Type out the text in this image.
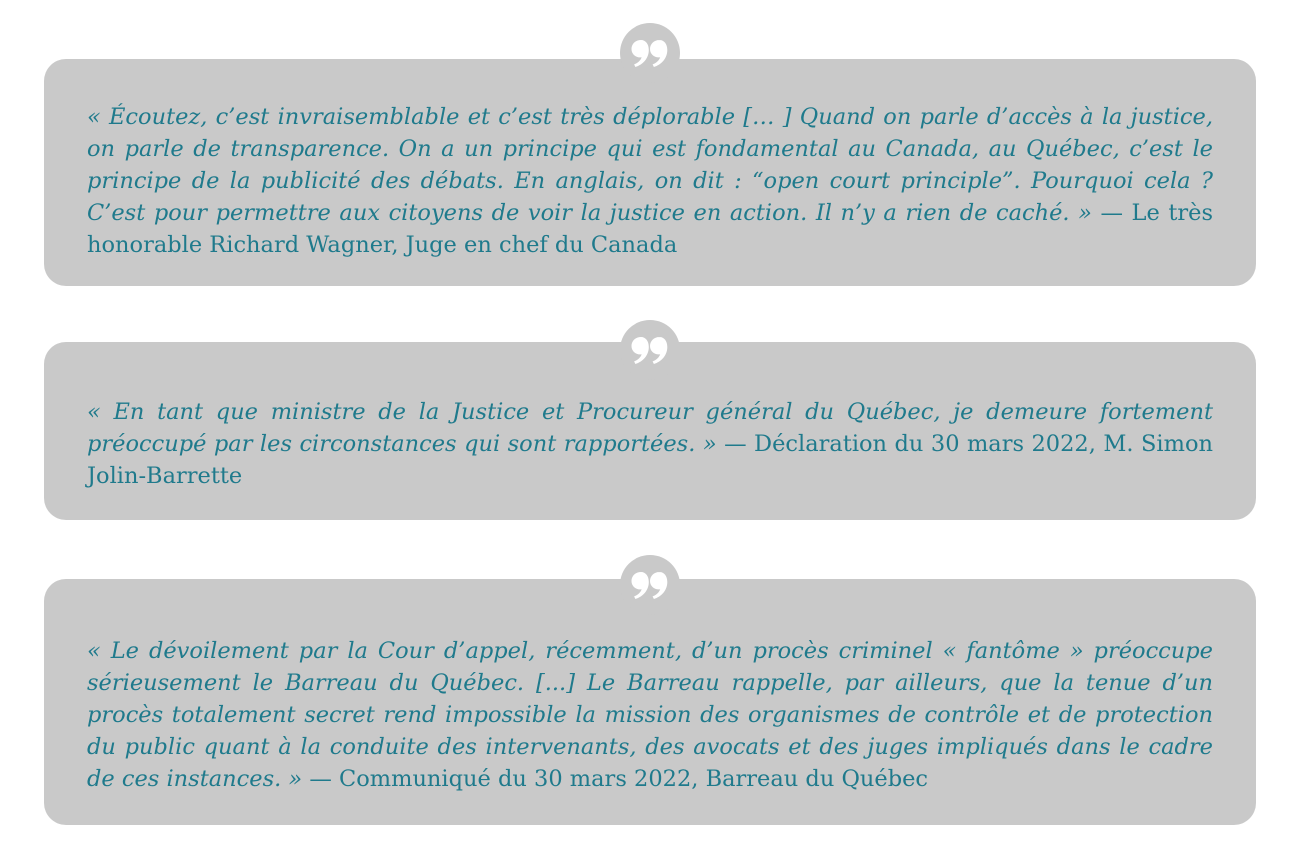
« Écoutez, c’est invraisemblable et c’est très déplorable [… ] Quand on parle d’accès à la justice, on parle de transparence. On a un principe qui est fondamental au Canada, au Québec, c’est le principe de la publicité des débats. En anglais, on dit : “open court principle”. Pourquoi cela ? C’est pour permettre aux citoyens de voir la justice en action. Il n’y a rien de caché. » — Le très honorable Richard Wagner, Juge en chef du Canada

« En tant que ministre de la Justice et Procureur général du Québec, je demeure fortement préoccupé par les circonstances qui sont rapportées. » — Déclaration du 30 mars 2022, M. Simon Jolin-Barrette

« Le dévoilement par la Cour d’appel, récemment, d’un procès criminel « fantôme » préoccupe sérieusement le Barreau du Québec. [...] Le Barreau rappelle, par ailleurs, que la tenue d’un procès totalement secret rend impossible la mission des organismes de contrôle et de protection du public quant à la conduite des intervenants, des avocats et des juges impliqués dans le cadre de ces instances. » — Communiqué du 30 mars 2022, Barreau du Québec
